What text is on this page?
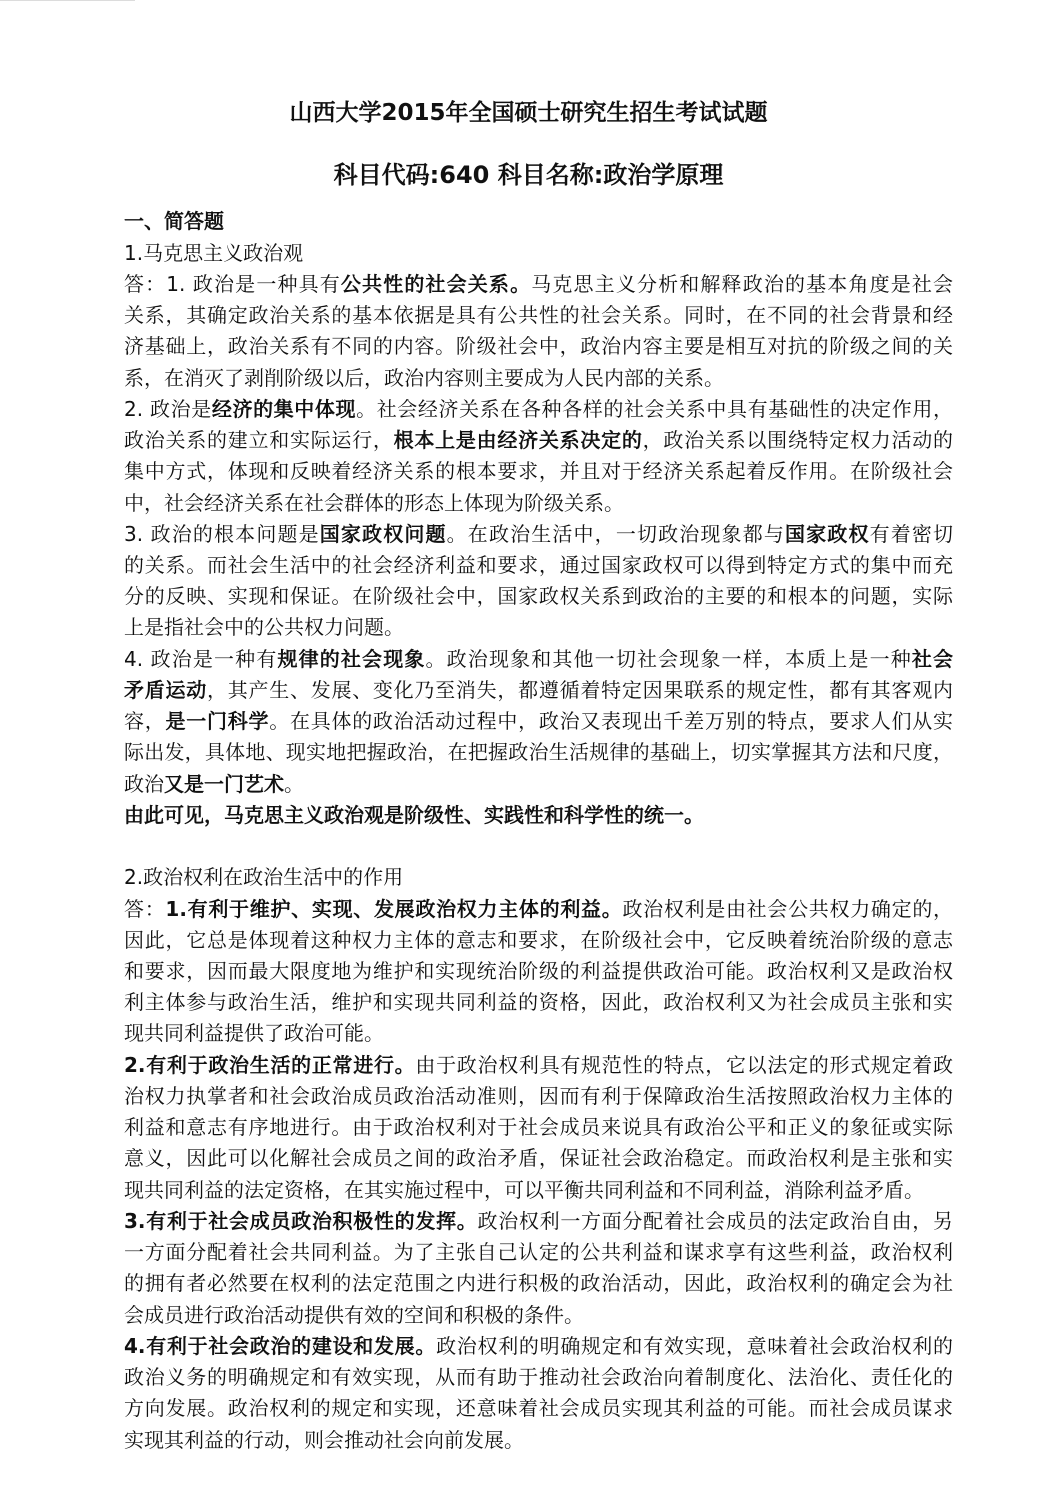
山西大学2015年全国硕士研究生招生考试试题
科目代码:640 科目名称:政治学原理
一、简答题
1.马克思主义政治观
答：1. 政治是一种具有公共性的社会关系。马克思主义分析和解释政治的基本角度是社会
关系，其确定政治关系的基本依据是具有公共性的社会关系。同时，在不同的社会背景和经
济基础上，政治关系有不同的内容。阶级社会中，政治内容主要是相互对抗的阶级之间的关
系，在消灭了剥削阶级以后，政治内容则主要成为人民内部的关系。
2. 政治是经济的集中体现。社会经济关系在各种各样的社会关系中具有基础性的决定作用，
政治关系的建立和实际运行，根本上是由经济关系决定的，政治关系以围绕特定权力活动的
集中方式，体现和反映着经济关系的根本要求，并且对于经济关系起着反作用。在阶级社会
中，社会经济关系在社会群体的形态上体现为阶级关系。
3. 政治的根本问题是国家政权问题。在政治生活中，一切政治现象都与国家政权有着密切
的关系。而社会生活中的社会经济利益和要求，通过国家政权可以得到特定方式的集中而充
分的反映、实现和保证。在阶级社会中，国家政权关系到政治的主要的和根本的问题，实际
上是指社会中的公共权力问题。
4. 政治是一种有规律的社会现象。政治现象和其他一切社会现象一样，本质上是一种社会
矛盾运动，其产生、发展、变化乃至消失，都遵循着特定因果联系的规定性，都有其客观内
容，是一门科学。在具体的政治活动过程中，政治又表现出千差万别的特点，要求人们从实
际出发，具体地、现实地把握政治，在把握政治生活规律的基础上，切实掌握其方法和尺度，
政治又是一门艺术。
由此可见，马克思主义政治观是阶级性、实践性和科学性的统一。
2.政治权利在政治生活中的作用
答：1.有利于维护、实现、发展政治权力主体的利益。政治权利是由社会公共权力确定的，
因此，它总是体现着这种权力主体的意志和要求，在阶级社会中，它反映着统治阶级的意志
和要求，因而最大限度地为维护和实现统治阶级的利益提供政治可能。政治权利又是政治权
利主体参与政治生活，维护和实现共同利益的资格，因此，政治权利又为社会成员主张和实
现共同利益提供了政治可能。
2.有利于政治生活的正常进行。由于政治权利具有规范性的特点，它以法定的形式规定着政
治权力执掌者和社会政治成员政治活动准则，因而有利于保障政治生活按照政治权力主体的
利益和意志有序地进行。由于政治权利对于社会成员来说具有政治公平和正义的象征或实际
意义，因此可以化解社会成员之间的政治矛盾，保证社会政治稳定。而政治权利是主张和实
现共同利益的法定资格，在其实施过程中，可以平衡共同利益和不同利益，消除利益矛盾。
3.有利于社会成员政治积极性的发挥。政治权利一方面分配着社会成员的法定政治自由，另
一方面分配着社会共同利益。为了主张自己认定的公共利益和谋求享有这些利益，政治权利
的拥有者必然要在权利的法定范围之内进行积极的政治活动，因此，政治权利的确定会为社
会成员进行政治活动提供有效的空间和积极的条件。
4.有利于社会政治的建设和发展。政治权利的明确规定和有效实现，意味着社会政治权利的
政治义务的明确规定和有效实现，从而有助于推动社会政治向着制度化、法治化、责任化的
方向发展。政治权利的规定和实现，还意味着社会成员实现其利益的可能。而社会成员谋求
实现其利益的行动，则会推动社会向前发展。
